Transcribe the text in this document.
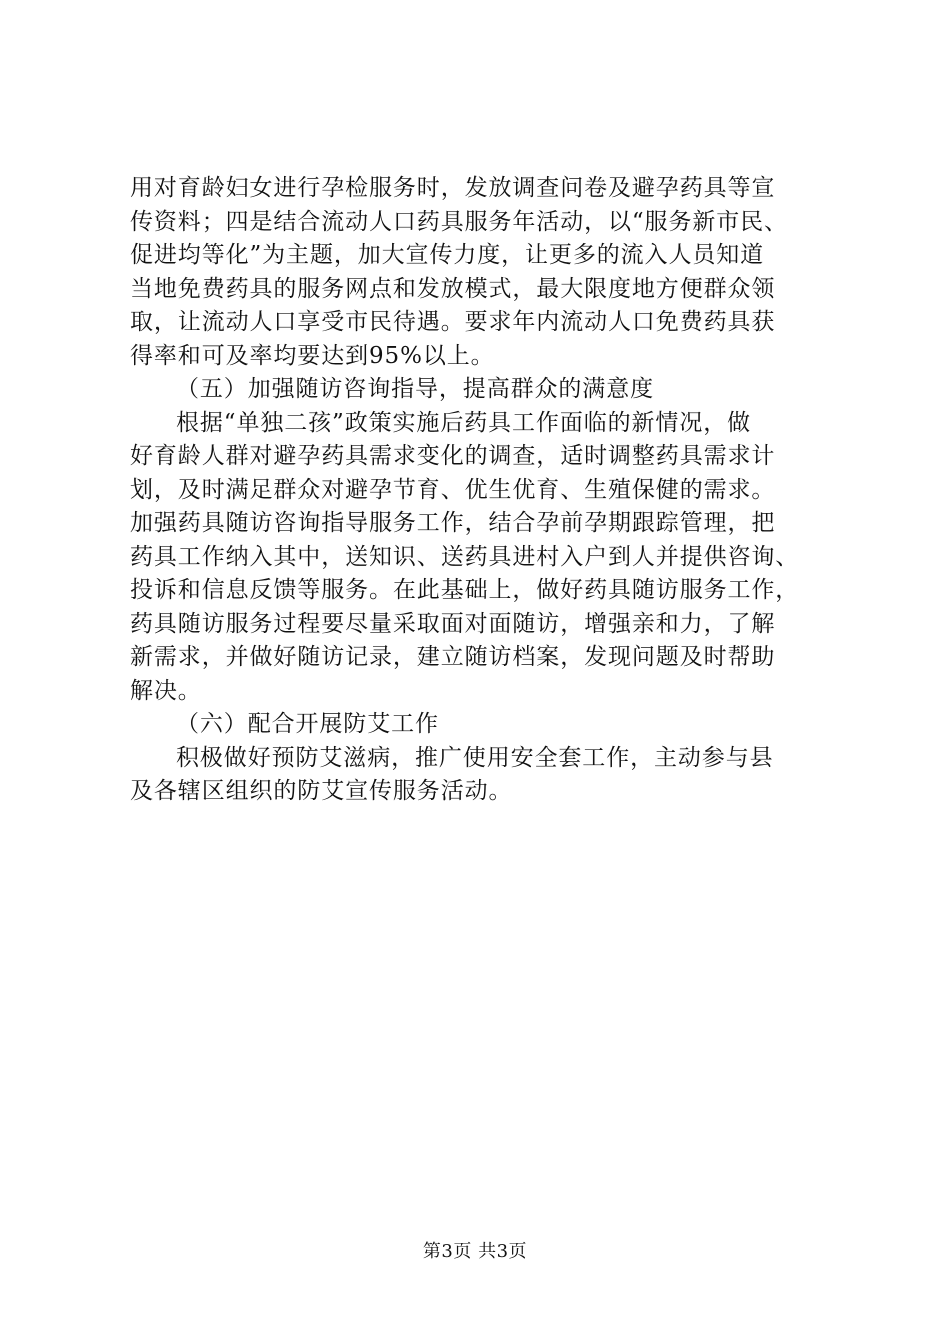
用对育龄妇女进行孕检服务时，发放调查问卷及避孕药具等宣
传资料；四是结合流动人口药具服务年活动，以“服务新市民、
促进均等化”为主题，加大宣传力度，让更多的流入人员知道
当地免费药具的服务网点和发放模式，最大限度地方便群众领
取，让流动人口享受市民待遇。要求年内流动人口免费药具获
得率和可及率均要达到95%以上。
（五）加强随访咨询指导，提高群众的满意度
根据“单独二孩”政策实施后药具工作面临的新情况，做
好育龄人群对避孕药具需求变化的调查，适时调整药具需求计
划，及时满足群众对避孕节育、优生优育、生殖保健的需求。
加强药具随访咨询指导服务工作，结合孕前孕期跟踪管理，把
药具工作纳入其中，送知识、送药具进村入户到人并提供咨询、
投诉和信息反馈等服务。在此基础上，做好药具随访服务工作，
药具随访服务过程要尽量采取面对面随访，增强亲和力，了解
新需求，并做好随访记录，建立随访档案，发现问题及时帮助
解决。
（六）配合开展防艾工作
积极做好预防艾滋病，推广使用安全套工作，主动参与县
及各辖区组织的防艾宣传服务活动。
第3页 共3页
